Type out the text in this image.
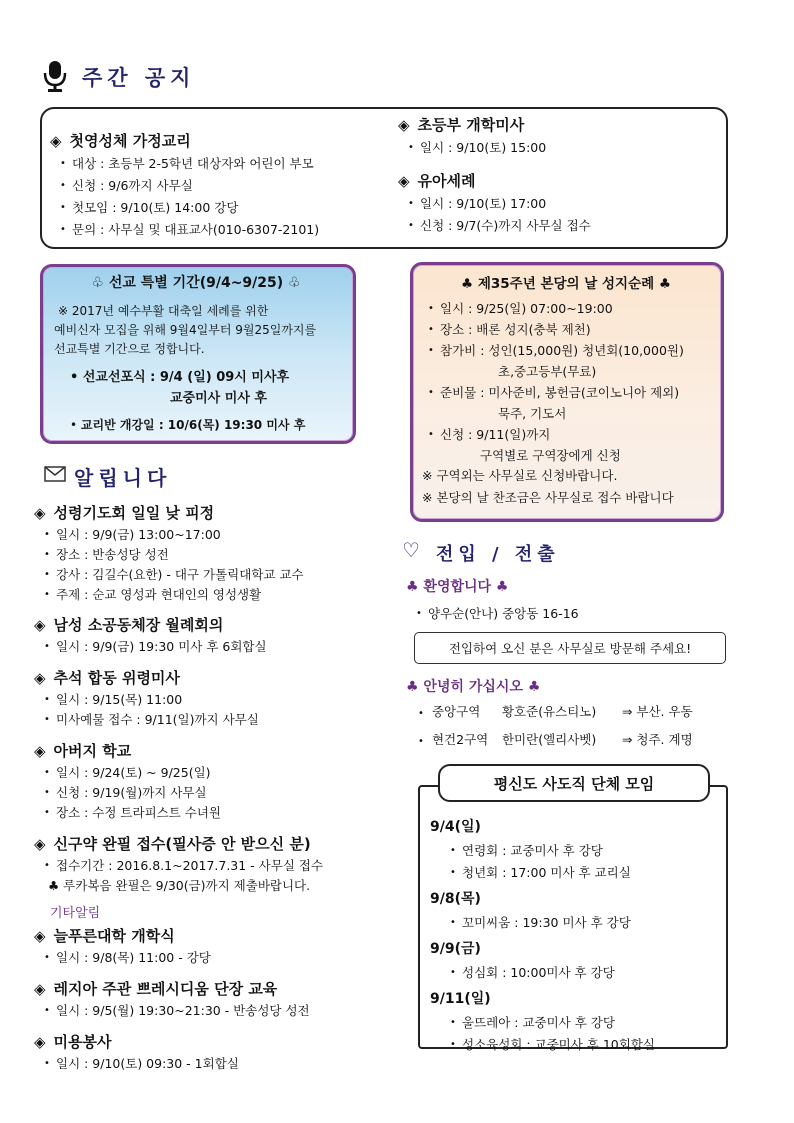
주간 공지
◈ 첫영성체 가정교리
• 대상 : 초등부 2-5학년 대상자와 어린이 부모
• 신청 : 9/6까지 사무실
• 첫모임 : 9/10(토) 14:00 강당
• 문의 : 사무실 및 대표교사(010-6307-2101)
◈ 초등부 개학미사
• 일시 : 9/10(토) 15:00
◈ 유아세례
• 일시 : 9/10(토) 17:00
• 신청 : 9/7(수)까지 사무실 접수
♧ 선교 특별 기간(9/4~9/25) ♧
※ 2017년 예수부활 대축일 세례를 위한
예비신자 모집을 위해 9월4일부터 9월25일까지를
선교특별 기간으로 정합니다.
• 선교선포식 : 9/4 (일) 09시 미사후
교중미사 미사 후
• 교리반 개강일 : 10/6(목) 19:30 미사 후
♣ 제35주년 본당의 날 성지순례 ♣
• 일시 : 9/25(일) 07:00~19:00
• 장소 : 배론 성지(충북 제천)
• 참가비 : 성인(15,000원) 청년회(10,000원)
초,중고등부(무료)
• 준비물 : 미사준비, 봉헌금(코이노니아 제외)
묵주, 기도서
• 신청 : 9/11(일)까지
구역별로 구역장에게 신청
※ 구역외는 사무실로 신청바랍니다.
※ 본당의 날 찬조금은 사무실로 접수 바랍니다
알립니다
◈ 성령기도회 일일 낮 피정
• 일시 : 9/9(금) 13:00~17:00
• 장소 : 반송성당 성전
• 강사 : 김길수(요한) - 대구 가톨릭대학교 교수
• 주제 : 순교 영성과 현대인의 영성생활
◈ 남성 소공동체장 월례회의
• 일시 : 9/9(금) 19:30 미사 후 6회합실
◈ 추석 합동 위령미사
• 일시 : 9/15(목) 11:00
• 미사예물 접수 : 9/11(일)까지 사무실
◈ 아버지 학교
• 일시 : 9/24(토) ~ 9/25(일)
• 신청 : 9/19(월)까지 사무실
• 장소 : 수정 트라피스트 수녀원
◈ 신구약 완필 접수(필사증 안 받으신 분)
• 접수기간 : 2016.8.1~2017.7.31 - 사무실 접수
♣ 루카복음 완필은 9/30(금)까지 제출바랍니다.
기타알림
◈ 늘푸른대학 개학식
• 일시 : 9/8(목) 11:00 - 강당
◈ 레지아 주관 쁘레시디움 단장 교육
• 일시 : 9/5(월) 19:30~21:30 - 반송성당 성전
◈ 미용봉사
• 일시 : 9/10(토) 09:30 - 1회합실
♡ 전입 / 전출
♣ 환영합니다 ♣
• 양우순(안나) 중앙동 16-16
전입하여 오신 분은 사무실로 방문해 주세요!
♣ 안녕히 가십시오 ♣
• 중앙구역 황호준(유스티노) ⇒ 부산. 우동
• 현건2구역 한미란(엘리사벳) ⇒ 청주. 계명
평신도 사도직 단체 모임
9/4(일)
• 연령회 : 교중미사 후 강당
• 청년회 : 17:00 미사 후 교리실
9/8(목)
• 꼬미씨움 : 19:30 미사 후 강당
9/9(금)
• 성심회 : 10:00미사 후 강당
9/11(일)
• 울뜨레아 : 교중미사 후 강당
• 성소육성회 : 교중미사 후 10회합실
